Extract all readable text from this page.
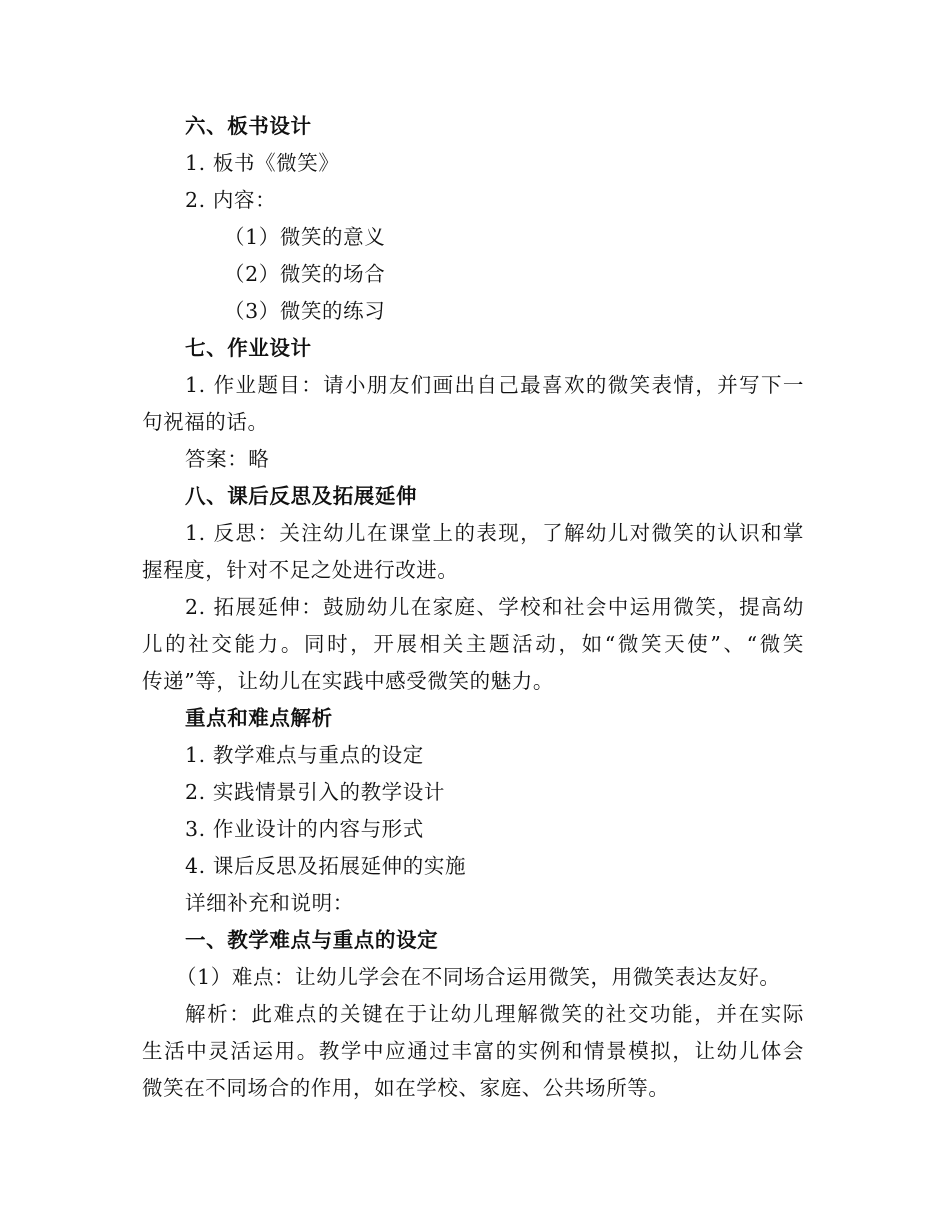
六、板书设计
1. 板书《微笑》
2. 内容：
（1）微笑的意义
（2）微笑的场合
（3）微笑的练习
七、作业设计
1. 作业题目：请小朋友们画出自己最喜欢的微笑表情，并写下一
句祝福的话。
答案：略
八、课后反思及拓展延伸
1. 反思：关注幼儿在课堂上的表现，了解幼儿对微笑的认识和掌
握程度，针对不足之处进行改进。
2. 拓展延伸：鼓励幼儿在家庭、学校和社会中运用微笑，提高幼
儿的社交能力。同时，开展相关主题活动，如“微笑天使”、“微笑
传递”等，让幼儿在实践中感受微笑的魅力。
重点和难点解析
1. 教学难点与重点的设定
2. 实践情景引入的教学设计
3. 作业设计的内容与形式
4. 课后反思及拓展延伸的实施
详细补充和说明：
一、教学难点与重点的设定
（1）难点：让幼儿学会在不同场合运用微笑，用微笑表达友好。
解析：此难点的关键在于让幼儿理解微笑的社交功能，并在实际
生活中灵活运用。教学中应通过丰富的实例和情景模拟，让幼儿体会
微笑在不同场合的作用，如在学校、家庭、公共场所等。
